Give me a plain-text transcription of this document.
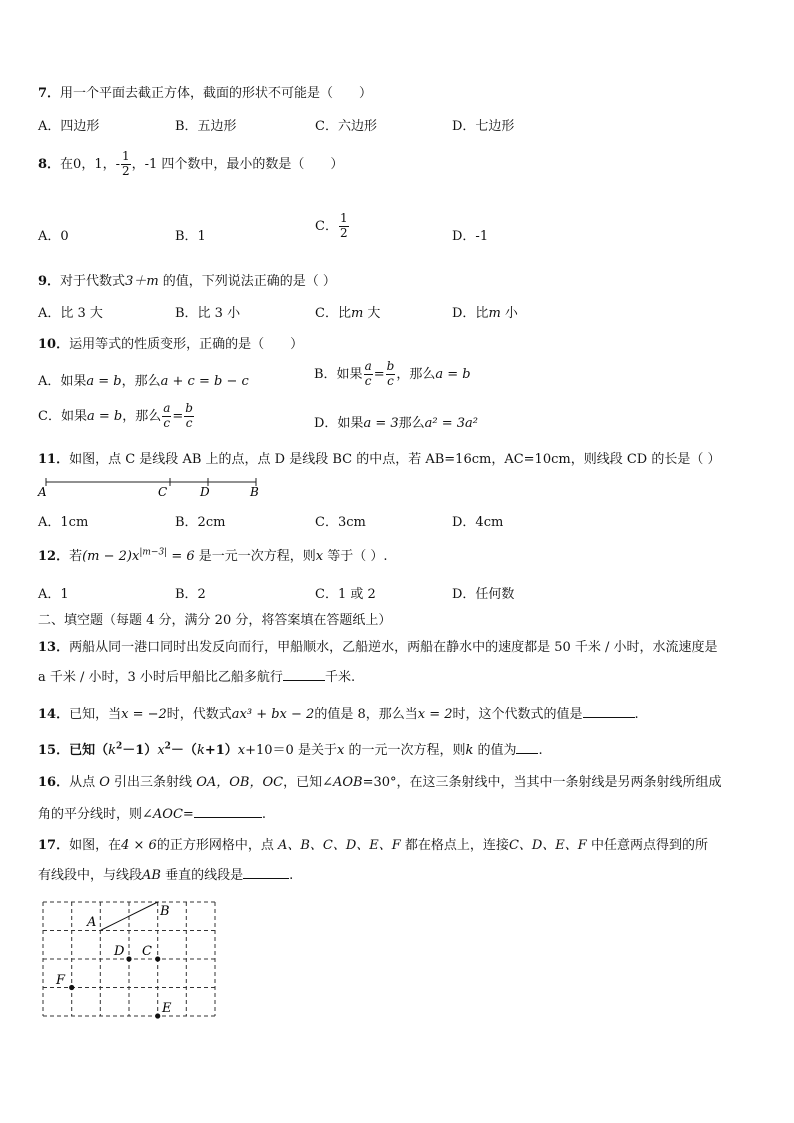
7．用一个平面去截正方体，截面的形状不可能是（　　）
A．四边形	B．五边形	C．六边形	D．七边形
8．在0，1，- $\frac{1}{2}$ ，-1 四个数中，最小的数是（　　）
A．0	B．1
C． $\frac{1}{2}$	D．-1
9．对于代数式3＋m 的值，下列说法正确的是（ ）
A．比 3 大	B．比 3 小	C．比m 大	D．比m 小
10．运用等式的性质变形，正确的是（　　）
A．如果a = b，那么a + c = b − c	B．如果 $\frac{a}{c} = \frac{b}{c}$ ，那么a = b
C．如果a = b，那么 $\frac{a}{c} = \frac{b}{c}$	D．如果a = 3那么a² = 3a²
11．如图，点 C 是线段 AB 上的点，点 D 是线段 BC 的中点，若 AB=16cm，AC=10cm，则线段 CD 的长是（ ）
A	C	D	B
A．1cm	B．2cm	C．3cm	D．4cm
12．若$(m - 2)x^{|m-3|} = 6$ 是一元一次方程，则x 等于（ ）.
A．1	B．2	C．1 或 2	D．任何数
二、填空题（每题 4 分，满分 20 分，将答案填在答题纸上）
13．两船从同一港口同时出发反向而行，甲船顺水，乙船逆水，两船在静水中的速度都是 50 千米 / 小时，水流速度是
a 千米 / 小时，3 小时后甲船比乙船多航行	千米.
14．已知，当x = −2时，代数式ax³ + bx − 2的值是 8，那么当x = 2时，这个代数式的值是	.
15．已知$(k^2-1)x^2-(k+1)x+10=0$ 是关于x 的一元一次方程，则k 的值为 .
16．从点 O 引出三条射线 OA，OB，OC，已知∠AOB=30°，在这三条射线中，当其中一条射线是另两条射线所组成
角的平分线时，则∠AOC=	.
17．如图，在4 × 6的正方形网格中，点 A、B、C、D、E、F 都在格点上，连接C、D、E、F 中任意两点得到的所
有线段中，与线段AB 垂直的线段是	.
A
B
D C
F
E
